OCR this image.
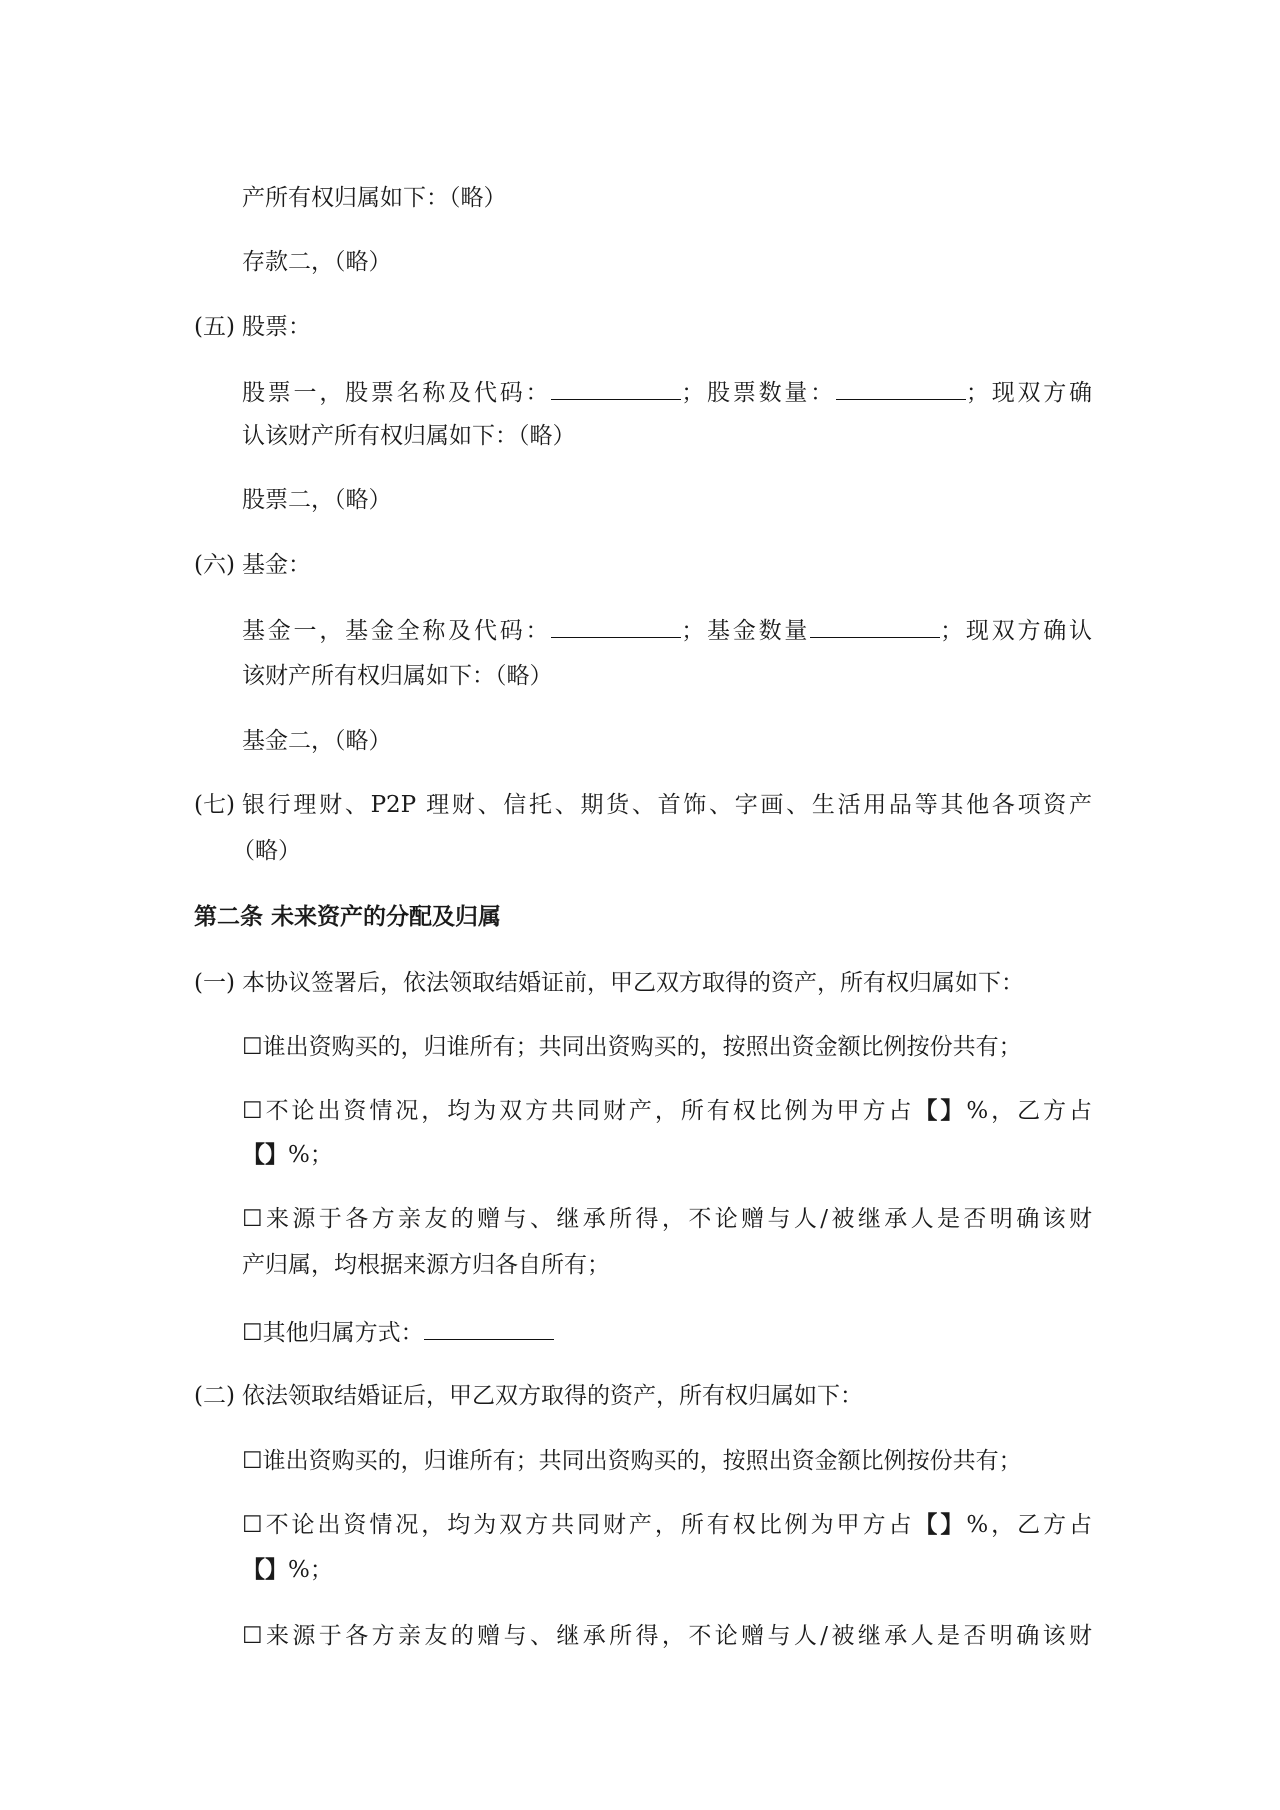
产所有权归属如下：（略）
存款二，（略）
(五) 股票：
股票一，股票名称及代码：	；股票数量：	；现双方确
认该财产所有权归属如下：（略）
股票二，（略）
(六) 基金：
基金一，基金全称及代码：	；基金数量	；现双方确认
该财产所有权归属如下：（略）
基金二，（略）
(七) 银行理财、P2P 理财、信托、期货、首饰、字画、生活用品等其他各项资产
（略）
第二条 未来资产的分配及归属
(一) 本协议签署后，依法领取结婚证前，甲乙双方取得的资产，所有权归属如下：
☐谁出资购买的，归谁所有；共同出资购买的，按照出资金额比例按份共有；
☐不论出资情况，均为双方共同财产，所有权比例为甲方占【】%，乙方占
【】%；
☐来源于各方亲友的赠与、继承所得，不论赠与人/被继承人是否明确该财
产归属，均根据来源方归各自所有；
☐其他归属方式：
(二) 依法领取结婚证后，甲乙双方取得的资产，所有权归属如下：
☐谁出资购买的，归谁所有；共同出资购买的，按照出资金额比例按份共有；
☐不论出资情况，均为双方共同财产，所有权比例为甲方占【】%，乙方占
【】%；
☐来源于各方亲友的赠与、继承所得，不论赠与人/被继承人是否明确该财
